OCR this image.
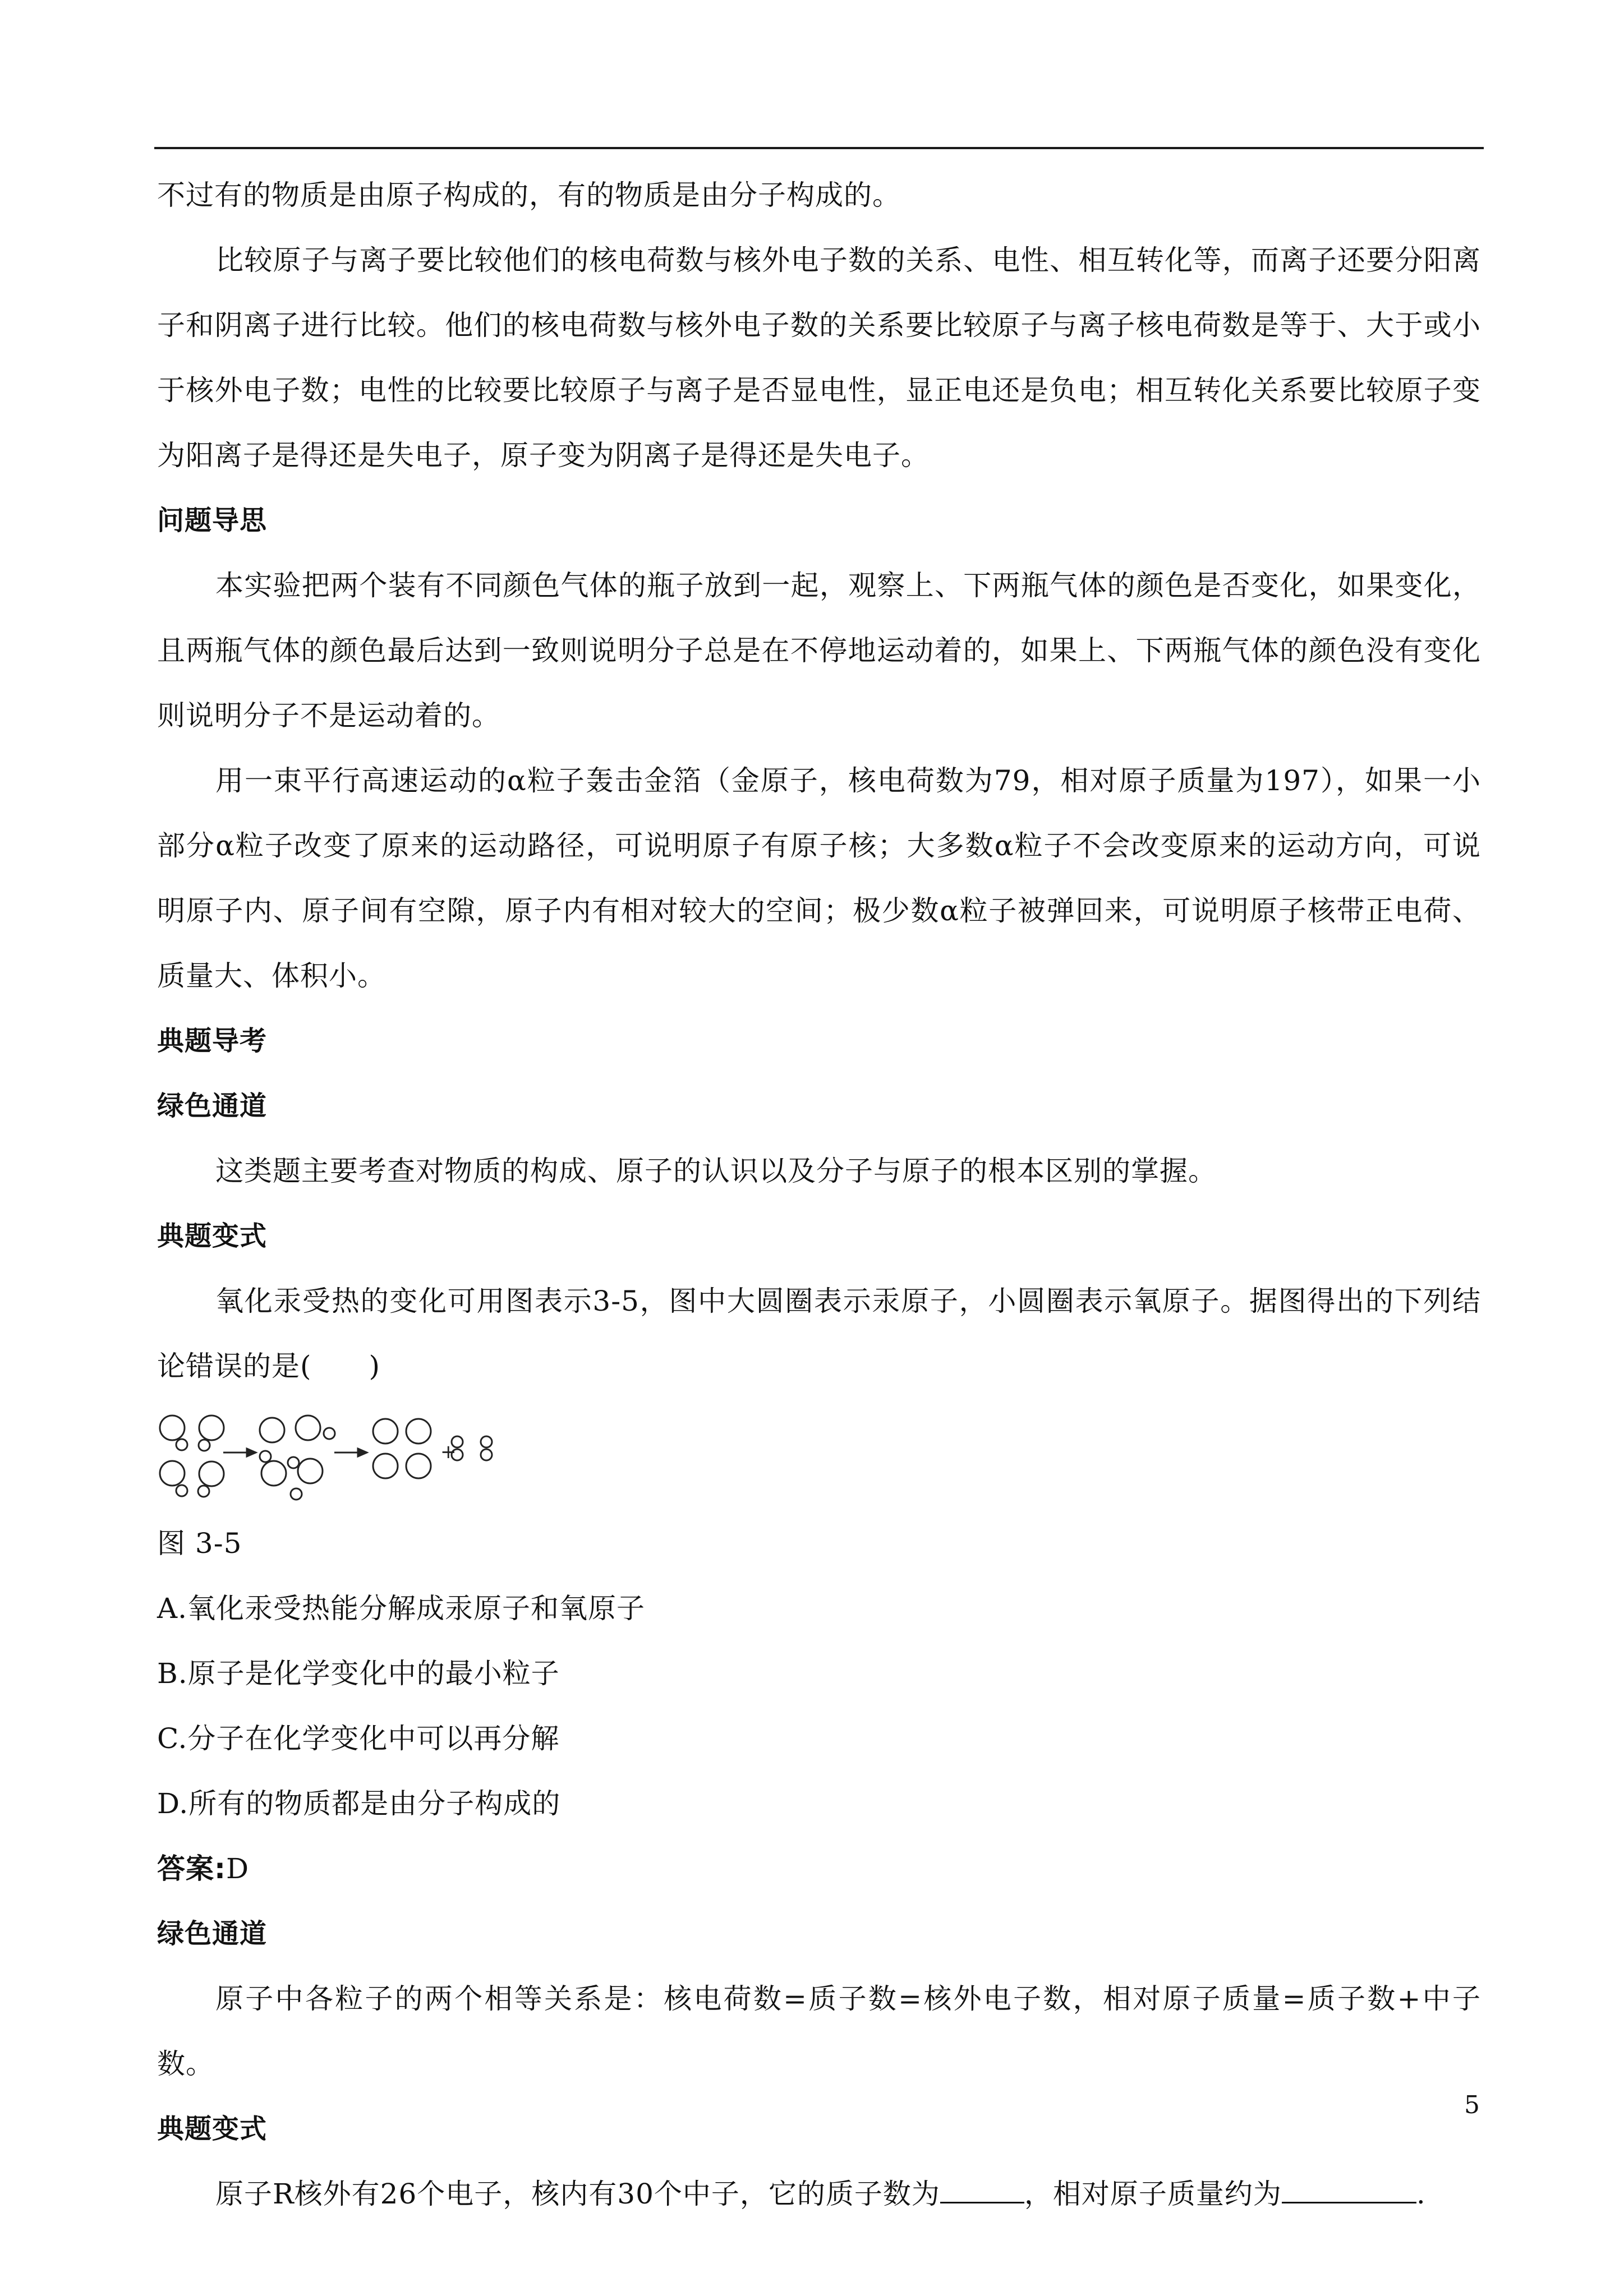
不过有的物质是由原子构成的，有的物质是由分子构成的。

比较原子与离子要比较他们的核电荷数与核外电子数的关系、电性、相互转化等，而离子还要分阳离子和阴离子进行比较。他们的核电荷数与核外电子数的关系要比较原子与离子核电荷数是等于、大于或小于核外电子数；电性的比较要比较原子与离子是否显电性，显正电还是负电；相互转化关系要比较原子变为阳离子是得还是失电子，原子变为阴离子是得还是失电子。

问题导思

本实验把两个装有不同颜色气体的瓶子放到一起，观察上、下两瓶气体的颜色是否变化，如果变化，且两瓶气体的颜色最后达到一致则说明分子总是在不停地运动着的，如果上、下两瓶气体的颜色没有变化则说明分子不是运动着的。

用一束平行高速运动的α粒子轰击金箔（金原子，核电荷数为79，相对原子质量为197），如果一小部分α粒子改变了原来的运动路径，可说明原子有原子核；大多数α粒子不会改变原来的运动方向，可说明原子内、原子间有空隙，原子内有相对较大的空间；极少数α粒子被弹回来，可说明原子核带正电荷、质量大、体积小。

典题导考

绿色通道

这类题主要考查对物质的构成、原子的认识以及分子与原子的根本区别的掌握。

典题变式

氧化汞受热的变化可用图表示3-5，图中大圆圈表示汞原子，小圆圈表示氧原子。据图得出的下列结论错误的是(　　)

+

图 3-5

A.氧化汞受热能分解成汞原子和氧原子

B.原子是化学变化中的最小粒子

C.分子在化学变化中可以再分解

D.所有的物质都是由分子构成的

答案:D

绿色通道

原子中各粒子的两个相等关系是：核电荷数=质子数=核外电子数，相对原子质量=质子数+中子数。

典题变式

原子R核外有26个电子，核内有30个中子，它的质子数为	，相对原子质量约为	.

5
